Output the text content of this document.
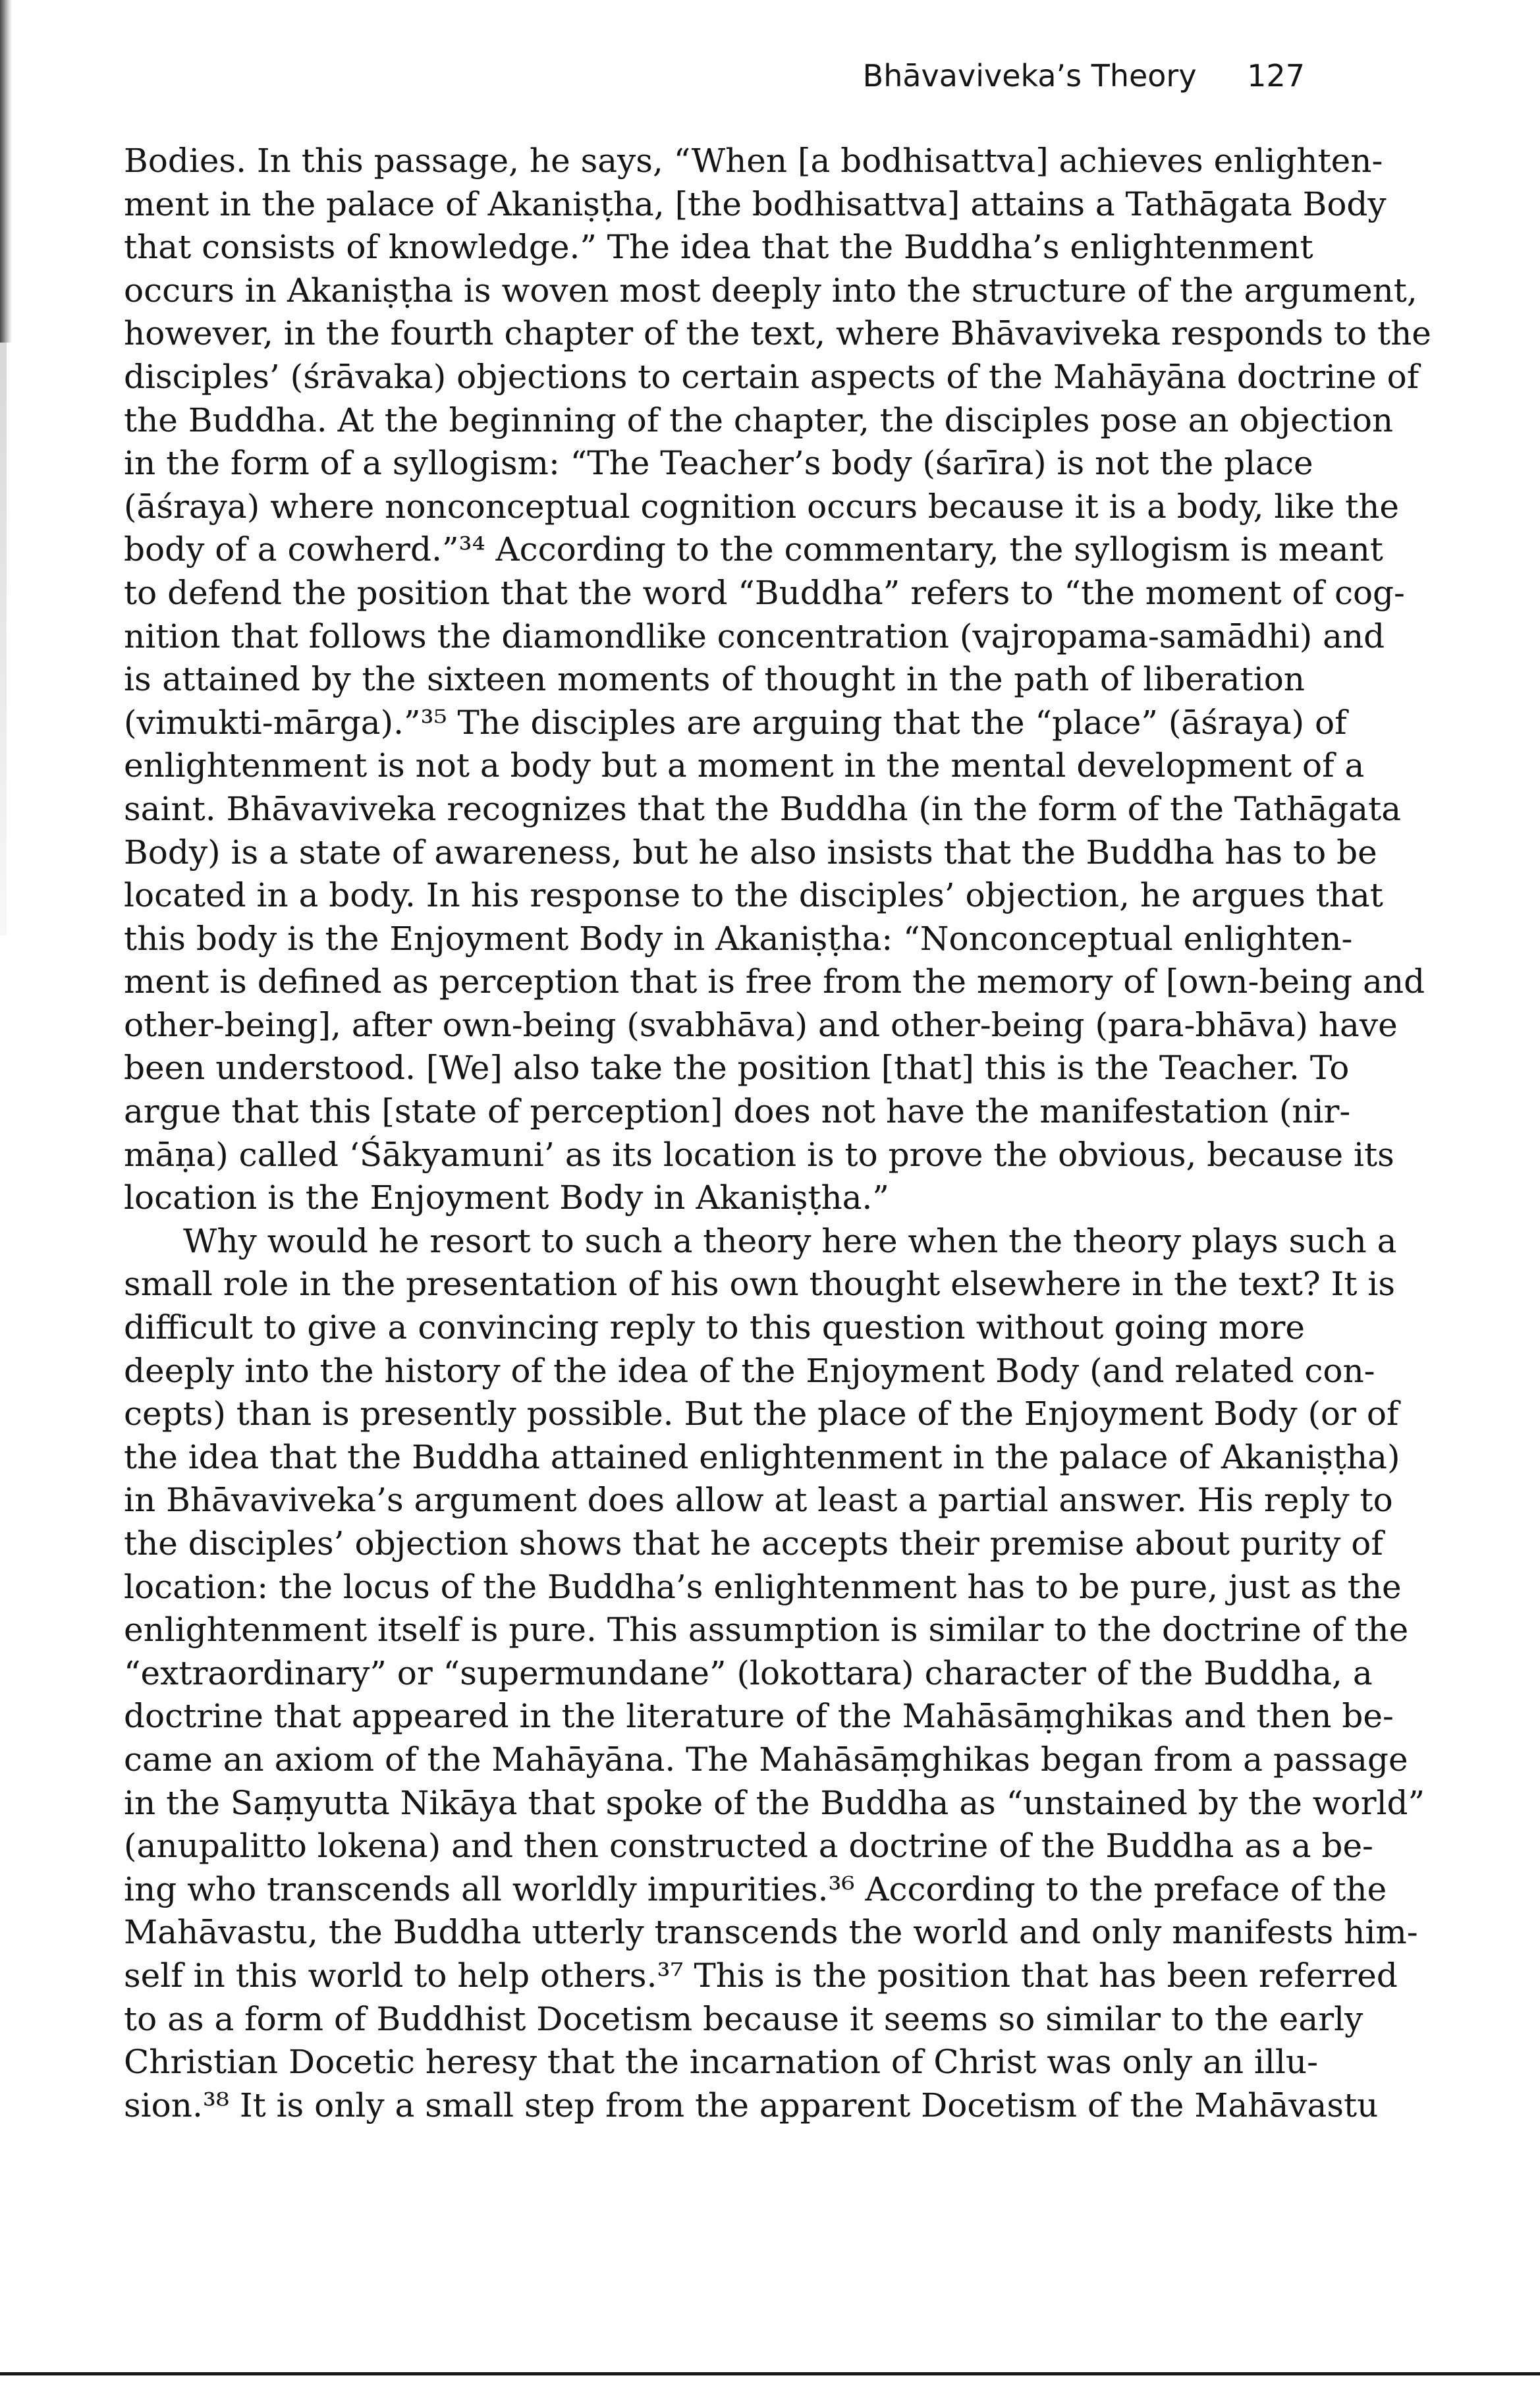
Bhāvaviveka’s Theory 127
Bodies. In this passage, he says, “When [a bodhisattva] achieves enlighten-
ment in the palace of Akaniṣṭha, [the bodhisattva] attains a Tathāgata Body
that consists of knowledge.” The idea that the Buddha’s enlightenment
occurs in Akaniṣṭha is woven most deeply into the structure of the argument,
however, in the fourth chapter of the text, where Bhāvaviveka responds to the
disciples’ (śrāvaka) objections to certain aspects of the Mahāyāna doctrine of
the Buddha. At the beginning of the chapter, the disciples pose an objection
in the form of a syllogism: “The Teacher’s body (śarīra) is not the place
(āśraya) where nonconceptual cognition occurs because it is a body, like the
body of a cowherd.”³⁴ According to the commentary, the syllogism is meant
to defend the position that the word “Buddha” refers to “the moment of cog-
nition that follows the diamondlike concentration (vajropama-samādhi) and
is attained by the sixteen moments of thought in the path of liberation
(vimukti-mārga).”³⁵ The disciples are arguing that the “place” (āśraya) of
enlightenment is not a body but a moment in the mental development of a
saint. Bhāvaviveka recognizes that the Buddha (in the form of the Tathāgata
Body) is a state of awareness, but he also insists that the Buddha has to be
located in a body. In his response to the disciples’ objection, he argues that
this body is the Enjoyment Body in Akaniṣṭha: “Nonconceptual enlighten-
ment is defined as perception that is free from the memory of [own-being and
other-being], after own-being (svabhāva) and other-being (para-bhāva) have
been understood. [We] also take the position [that] this is the Teacher. To
argue that this [state of perception] does not have the manifestation (nir-
māṇa) called ‘Śākyamuni’ as its location is to prove the obvious, because its
location is the Enjoyment Body in Akaniṣṭha.”
Why would he resort to such a theory here when the theory plays such a
small role in the presentation of his own thought elsewhere in the text? It is
difficult to give a convincing reply to this question without going more
deeply into the history of the idea of the Enjoyment Body (and related con-
cepts) than is presently possible. But the place of the Enjoyment Body (or of
the idea that the Buddha attained enlightenment in the palace of Akaniṣṭha)
in Bhāvaviveka’s argument does allow at least a partial answer. His reply to
the disciples’ objection shows that he accepts their premise about purity of
location: the locus of the Buddha’s enlightenment has to be pure, just as the
enlightenment itself is pure. This assumption is similar to the doctrine of the
“extraordinary” or “supermundane” (lokottara) character of the Buddha, a
doctrine that appeared in the literature of the Mahāsāṃghikas and then be-
came an axiom of the Mahāyāna. The Mahāsāṃghikas began from a passage
in the Saṃyutta Nikāya that spoke of the Buddha as “unstained by the world”
(anupalitto lokena) and then constructed a doctrine of the Buddha as a be-
ing who transcends all worldly impurities.³⁶ According to the preface of the
Mahāvastu, the Buddha utterly transcends the world and only manifests him-
self in this world to help others.³⁷ This is the position that has been referred
to as a form of Buddhist Docetism because it seems so similar to the early
Christian Docetic heresy that the incarnation of Christ was only an illu-
sion.³⁸ It is only a small step from the apparent Docetism of the Mahāvastu
